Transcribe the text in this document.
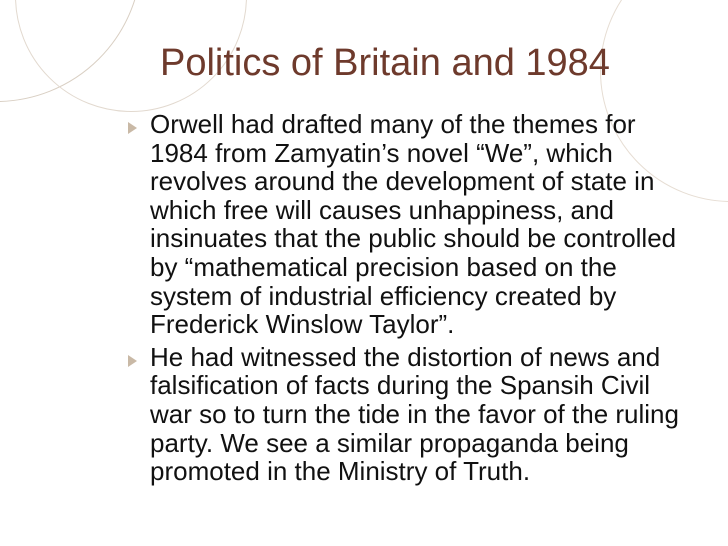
Politics of Britain and 1984
Orwell had drafted many of the themes for 1984 from Zamyatin’s novel “We”, which revolves around the development of state in which free will causes unhappiness, and insinuates that the public should be controlled by “mathematical precision based on the system of industrial efficiency created by Frederick Winslow Taylor”.
He had witnessed the distortion of news and falsification of facts during the Spansih Civil war so to turn the tide in the favor of the ruling party. We see a similar propaganda being promoted in the Ministry of Truth.
